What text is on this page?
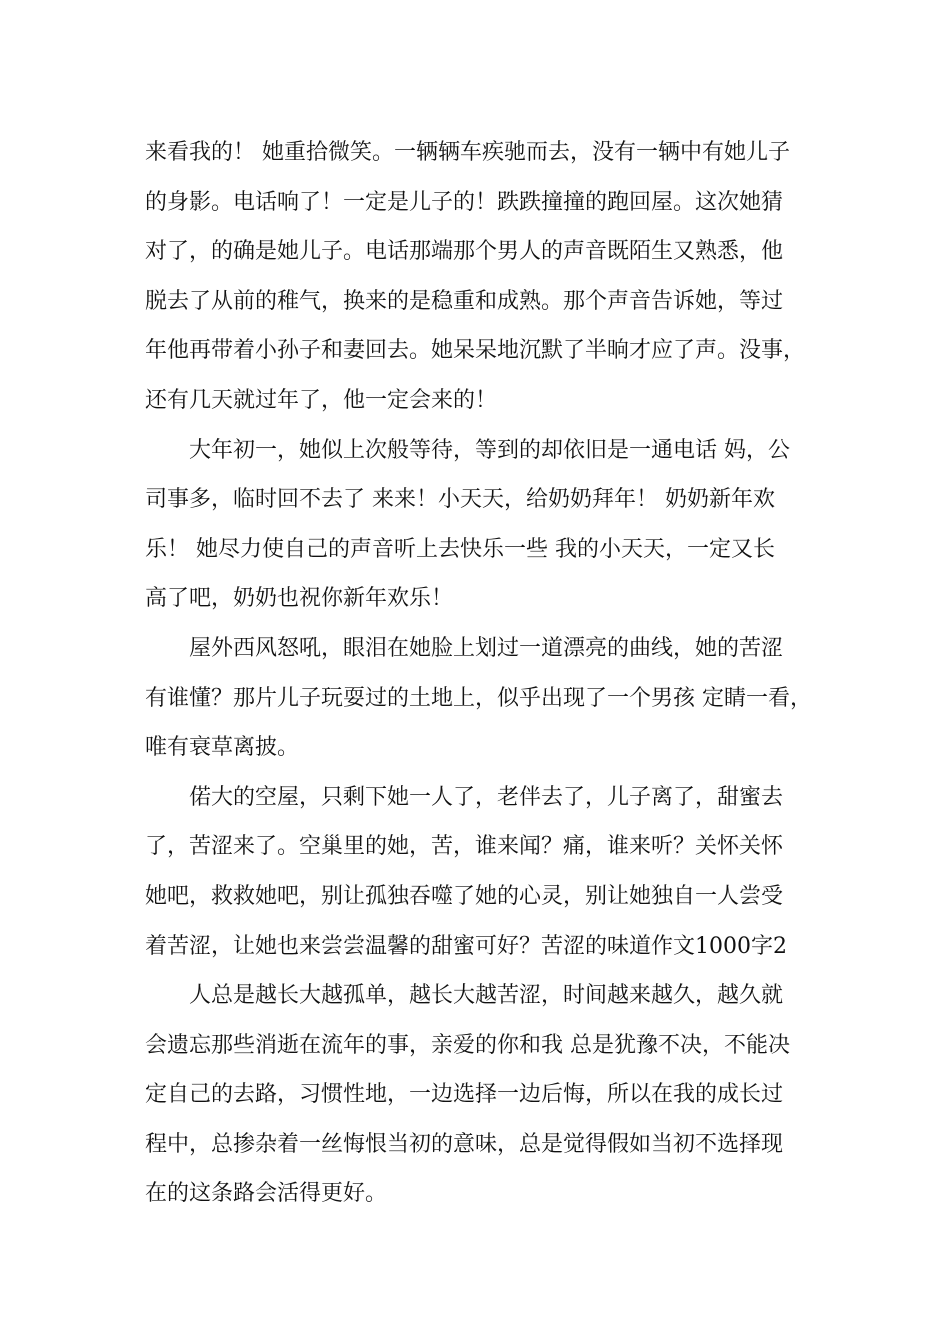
来看我的！ 她重拾微笑。一辆辆车疾驰而去，没有一辆中有她儿子
的身影。电话响了！一定是儿子的！跌跌撞撞的跑回屋。这次她猜
对了，的确是她儿子。电话那端那个男人的声音既陌生又熟悉，他
脱去了从前的稚气，换来的是稳重和成熟。那个声音告诉她，等过
年他再带着小孙子和妻回去。她呆呆地沉默了半晌才应了声。没事，
还有几天就过年了，他一定会来的！
大年初一，她似上次般等待，等到的却依旧是一通电话 妈，公
司事多，临时回不去了 来来！小天天，给奶奶拜年！ 奶奶新年欢
乐！ 她尽力使自己的声音听上去快乐一些 我的小天天，一定又长
高了吧，奶奶也祝你新年欢乐！
屋外西风怒吼，眼泪在她脸上划过一道漂亮的曲线，她的苦涩
有谁懂？那片儿子玩耍过的土地上，似乎出现了一个男孩 定睛一看，
唯有衰草离披。
偌大的空屋，只剩下她一人了，老伴去了，儿子离了，甜蜜去
了，苦涩来了。空巢里的她，苦，谁来闻？痛，谁来听？关怀关怀
她吧，救救她吧，别让孤独吞噬了她的心灵，别让她独自一人尝受
着苦涩，让她也来尝尝温馨的甜蜜可好？苦涩的味道作文1000字2
人总是越长大越孤单，越长大越苦涩，时间越来越久，越久就
会遗忘那些消逝在流年的事，亲爱的你和我 总是犹豫不决，不能决
定自己的去路，习惯性地，一边选择一边后悔，所以在我的成长过
程中，总掺杂着一丝悔恨当初的意味，总是觉得假如当初不选择现
在的这条路会活得更好。
